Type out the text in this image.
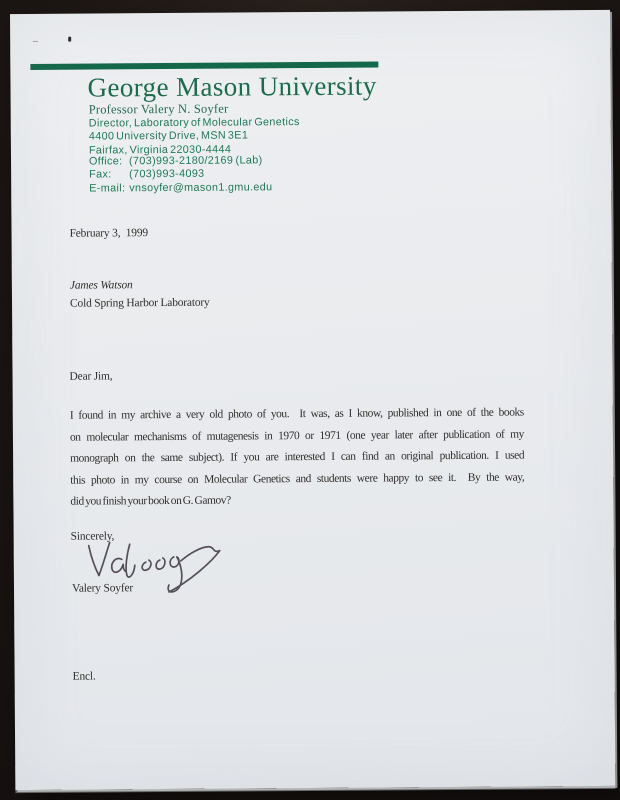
George Mason University
Professor Valery N. Soyfer
Director, Laboratory of Molecular Genetics
4400 University Drive, MSN 3E1
Fairfax, Virginia 22030-4444
Office: (703)993-2180/2169 (Lab)
Fax:	(703)993-4093
E-mail: vnsoyfer@mason1.gmu.edu
February 3,  1999
James Watson
Cold Spring Harbor Laboratory
Dear Jim,
I found in my archive a very old photo of you.  It was, as I know, published in one of the books
on molecular mechanisms of mutagenesis in 1970 or 1971 (one year later after publication of my
monograph on the same subject). If you are interested I can find an original publication. I used
this photo in my course on Molecular Genetics and students were happy to see it.  By the way,
did you finish your book on G. Gamov?
Sincerely,
Valery Soyfer
Encl.
